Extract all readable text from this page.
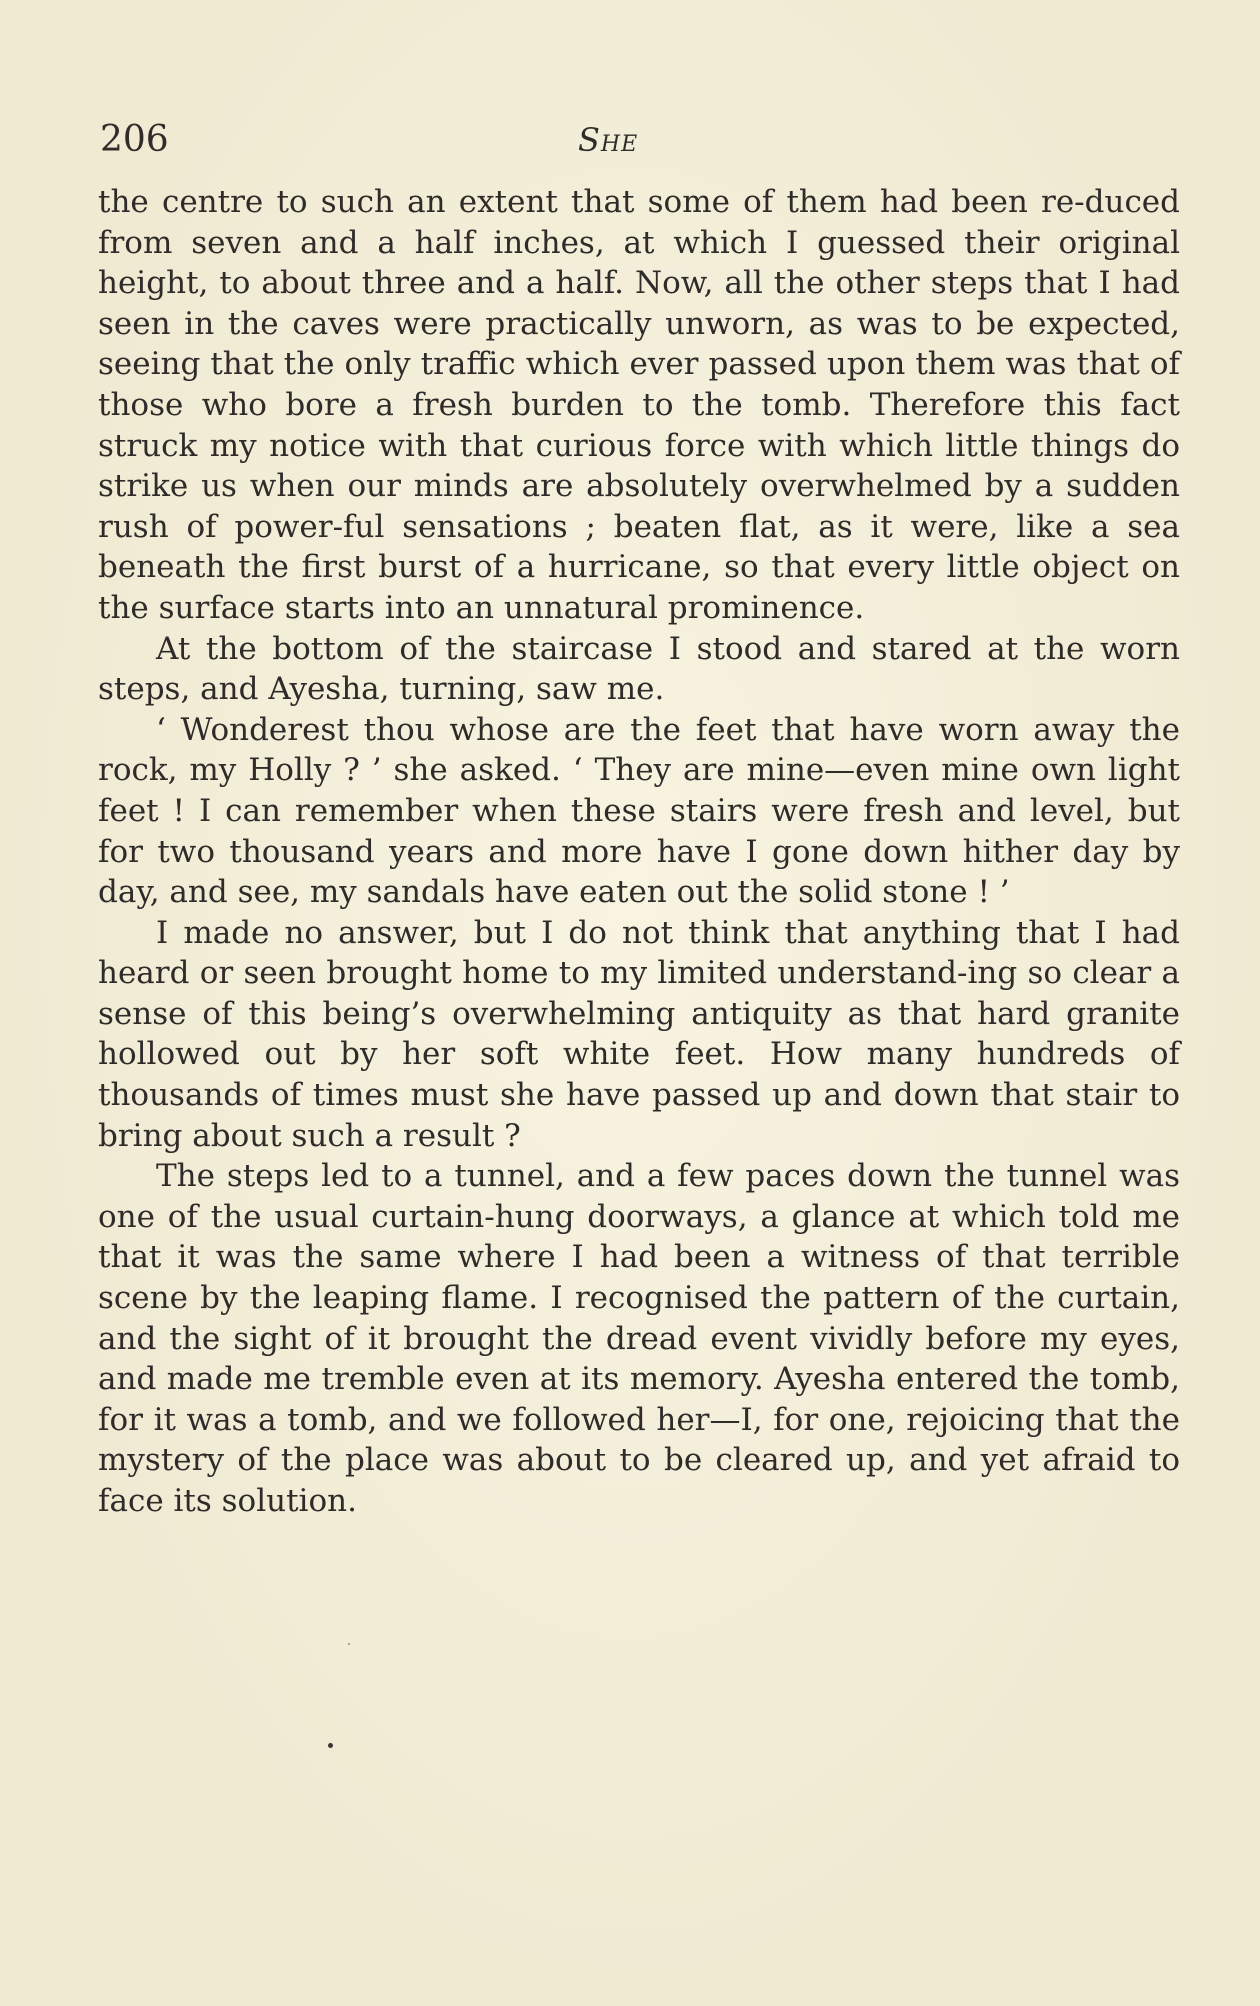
206	She

the centre to such an extent that some of them had been re-duced from seven and a half inches, at which I guessed their original height, to about three and a half. Now, all the other steps that I had seen in the caves were practically unworn, as was to be expected, seeing that the only traffic which ever passed upon them was that of those who bore a fresh burden to the tomb. Therefore this fact struck my notice with that curious force with which little things do strike us when our minds are absolutely overwhelmed by a sudden rush of power-ful sensations ; beaten flat, as it were, like a sea beneath the first burst of a hurricane, so that every little object on the surface starts into an unnatural prominence.

At the bottom of the staircase I stood and stared at the worn steps, and Ayesha, turning, saw me.

‘ Wonderest thou whose are the feet that have worn away the rock, my Holly ? ’ she asked. ‘ They are mine—even mine own light feet ! I can remember when these stairs were fresh and level, but for two thousand years and more have I gone down hither day by day, and see, my sandals have eaten out the solid stone ! ’

I made no answer, but I do not think that anything that I had heard or seen brought home to my limited understand-ing so clear a sense of this being’s overwhelming antiquity as that hard granite hollowed out by her soft white feet. How many hundreds of thousands of times must she have passed up and down that stair to bring about such a result ?

The steps led to a tunnel, and a few paces down the tunnel was one of the usual curtain-hung doorways, a glance at which told me that it was the same where I had been a witness of that terrible scene by the leaping flame. I recognised the pattern of the curtain, and the sight of it brought the dread event vividly before my eyes, and made me tremble even at its memory. Ayesha entered the tomb, for it was a tomb, and we followed her—I, for one, rejoicing that the mystery of the place was about to be cleared up, and yet afraid to face its solution.
